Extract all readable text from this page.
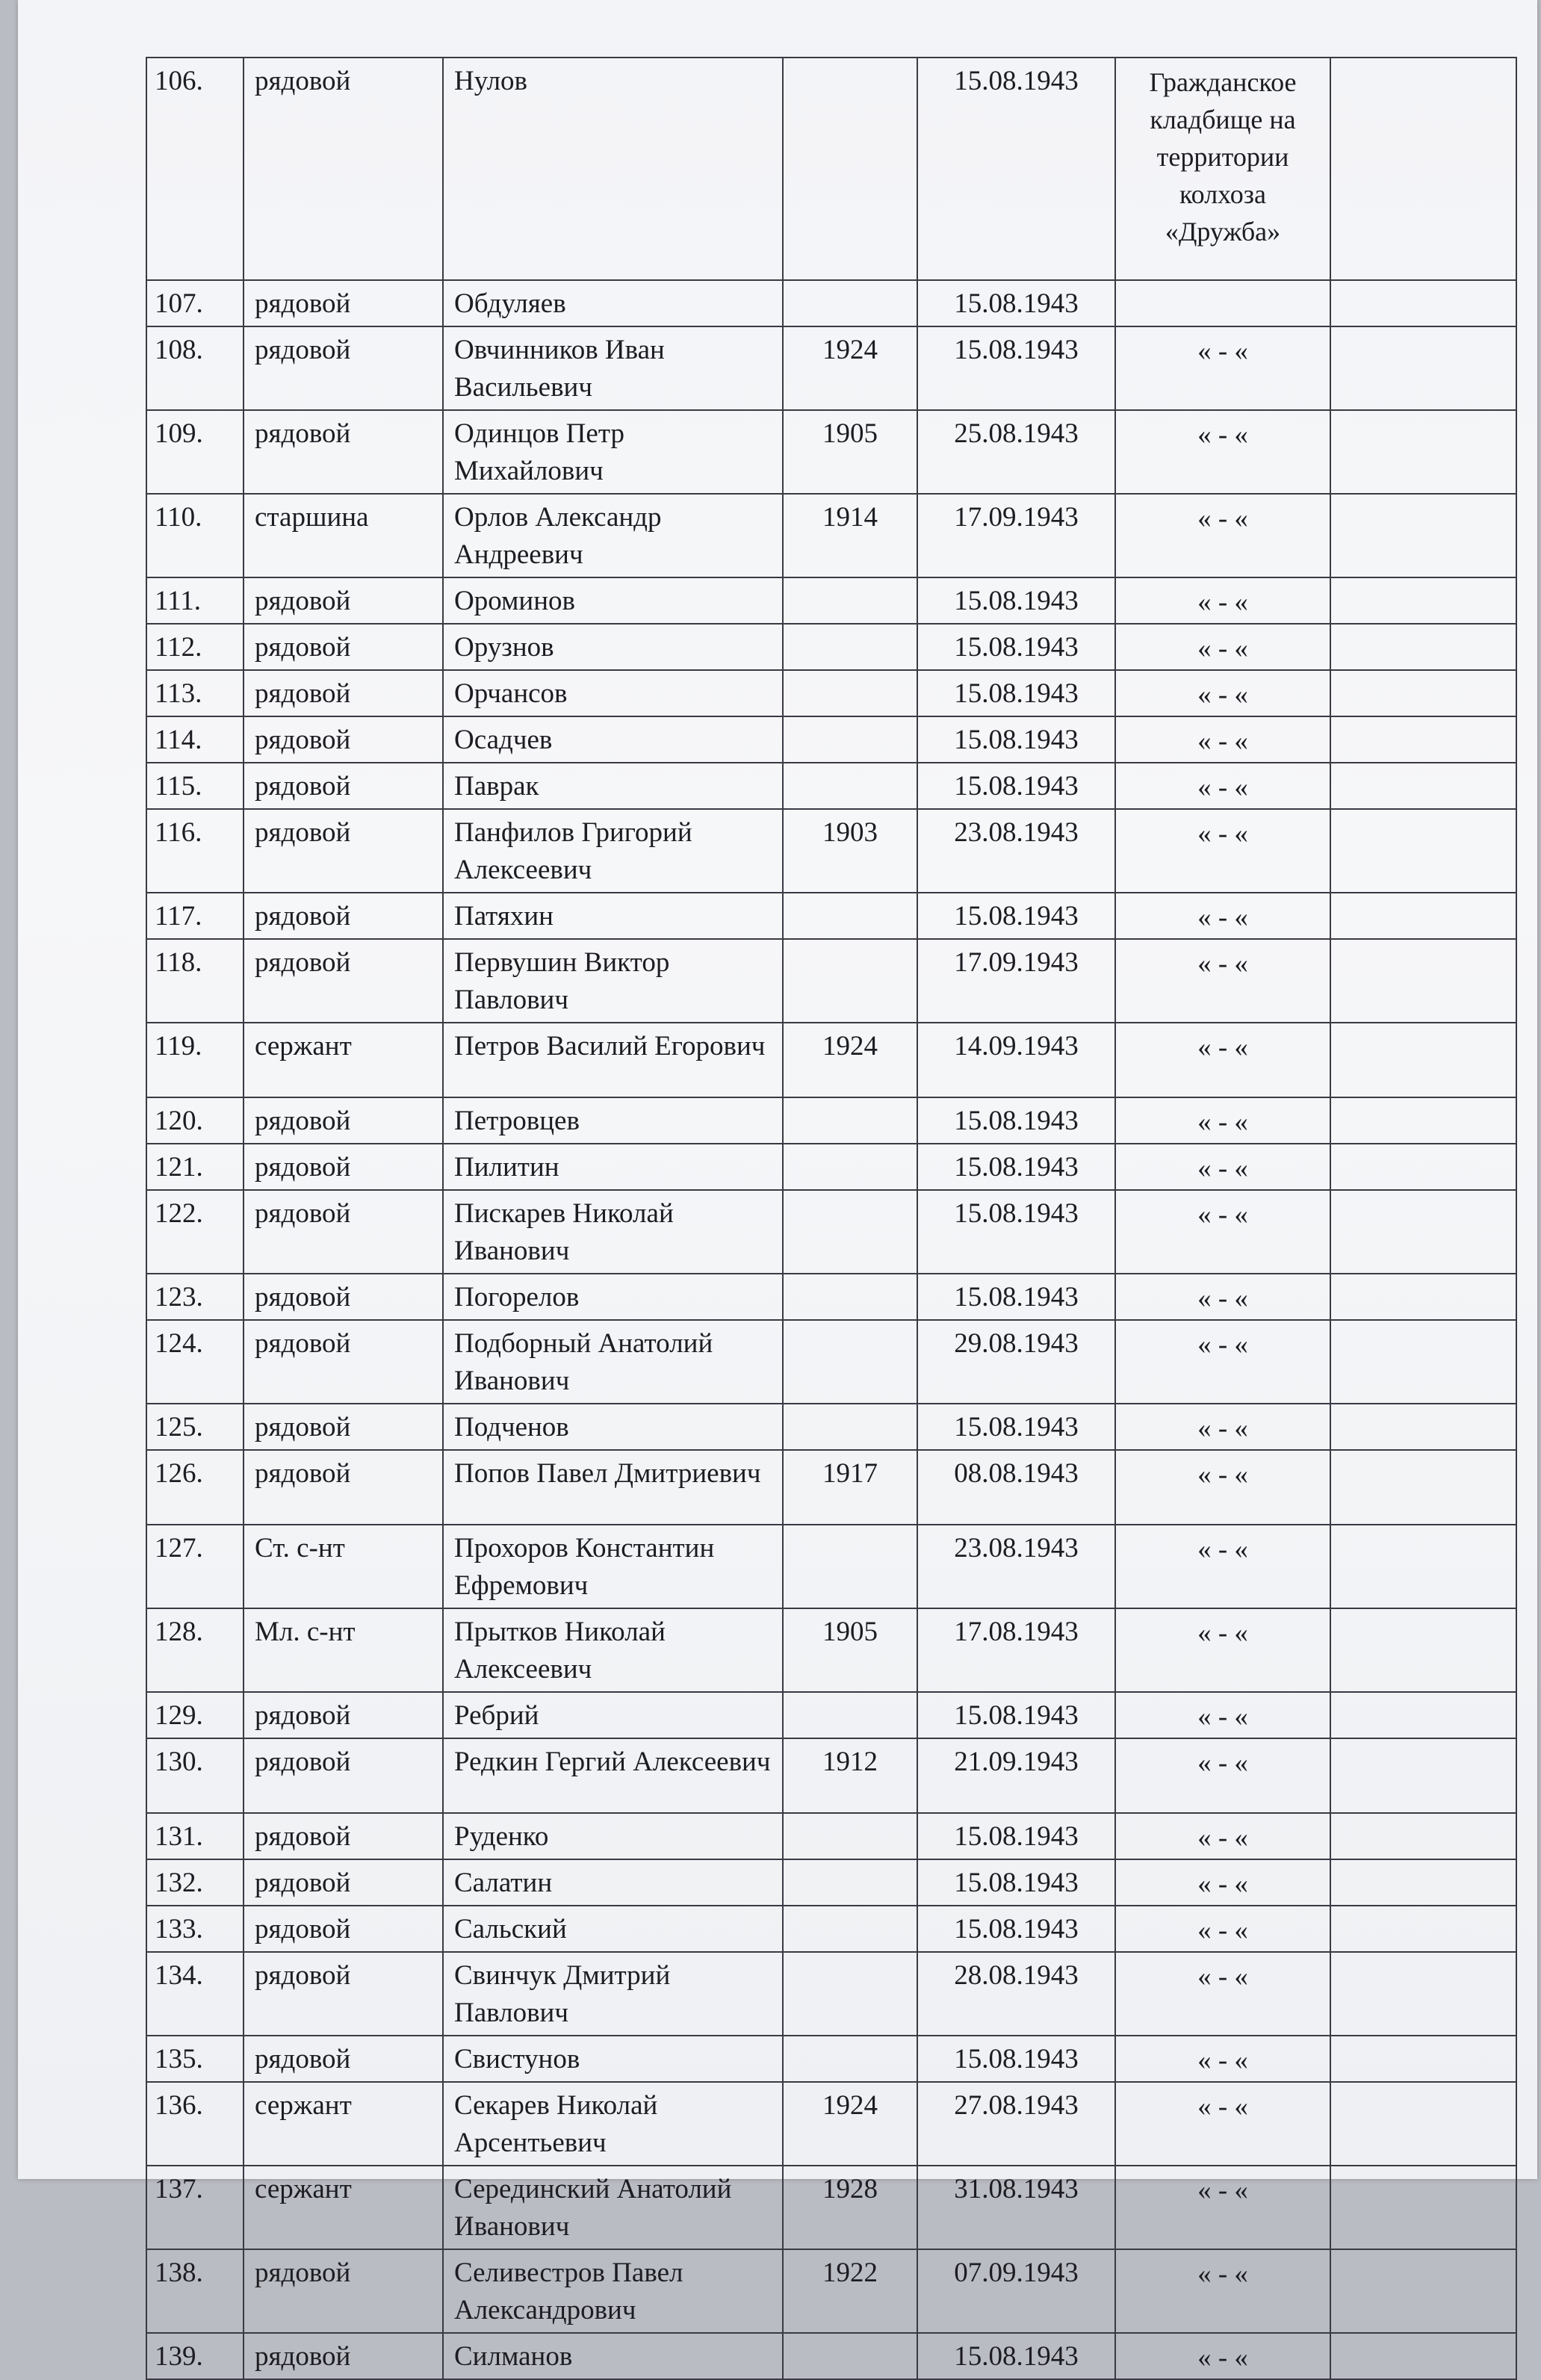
106.	рядовой	Нулов		15.08.1943	Гражданское кладбище на территории колхоза «Дружба»	
107.	рядовой	Обдуляев		15.08.1943		
108.	рядовой	Овчинников Иван Васильевич	1924	15.08.1943	« - «	
109.	рядовой	Одинцов Петр Михайлович	1905	25.08.1943	« - «	
110.	старшина	Орлов Александр Андреевич	1914	17.09.1943	« - «	
111.	рядовой	Оромин​ов		15.08.1943	« - «	
112.	рядовой	Орузнов		15.08.1943	« - «	
113.	рядовой	Орчансов		15.08.1943	« - «	
114.	рядовой	Осадчев		15.08.1943	« - «	
115.	рядовой	Паврак		15.08.1943	« - «	
116.	рядовой	Панфилов Григорий Алексеевич	1903	23.08.1943	« - «	
117.	рядовой	Патяхин		15.08.1943	« - «	
118.	рядовой	Первушин Виктор Павлович		17.09.1943	« - «	
119.	сержант	Петров Василий Егорович	1924	14.09.1943	« - «	
120.	рядовой	Петровцев		15.08.1943	« - «	
121.	рядовой	Пилитин		15.08.1943	« - «	
122.	рядовой	Пискарев Николай Иванович		15.08.1943	« - «	
123.	рядовой	Погорелов		15.08.1943	« - «	
124.	рядовой	Подборный Анатолий Иванович		29.08.1943	« - «	
125.	рядовой	Подченов		15.08.1943	« - «	
126.	рядовой	Попов Павел Дмитриевич	1917	08.08.1943	« - «	
127.	Ст. с-нт	Прохоров Константин Ефремович		23.08.1943	« - «	
128.	Мл. с-нт	Прытков Николай Алексеевич	1905	17.08.1943	« - «	
129.	рядовой	Ребрий		15.08.1943	« - «	
130.	рядовой	Редкин Гергий Алексеевич	1912	21.09.1943	« - «	
131.	рядовой	Руденко		15.08.1943	« - «	
132.	рядовой	Салатин		15.08.1943	« - «	
133.	рядовой	Сальский		15.08.1943	« - «	
134.	рядовой	Свинчук Дмитрий Павлович		28.08.1943	« - «	
135.	рядовой	Свистунов		15.08.1943	« - «	
136.	сержант	Секарев Николай Арсентьевич	1924	27.08.1943	« - «	
137.	сержант	Серединский Анатолий Иванович	1928	31.08.1943	« - «	
138.	рядовой	Селивестров Павел Александрович	1922	07.09.1943	« - «	
139.	рядовой	Силманов		15.08.1943	« - «	
